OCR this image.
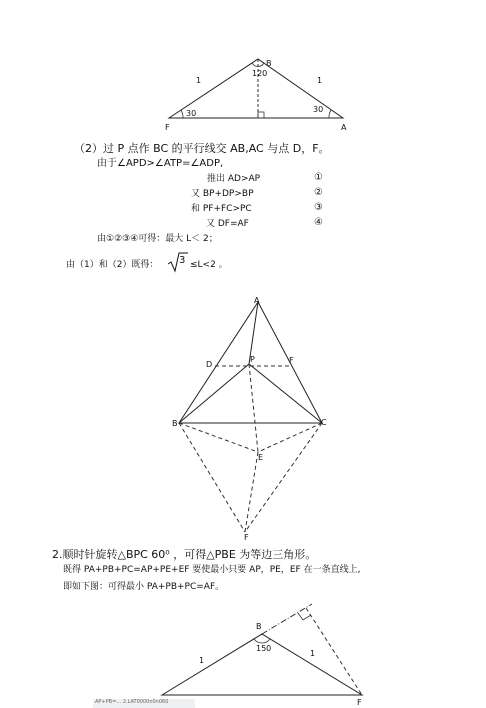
B
120
1	1
30	30
F	A
（2）过 P 点作 BC 的平行线交 AB,AC 与点 D，F。
由于∠APD>∠ATP=∠ADP,
推出 AD>AP	①
又 BP+DP>BP	②
和 PF+FC>PC	③
又 DF=AF	④
由①②③④可得：最大 L＜ 2；
由（1）和（2）既得： 3 ≤L<2 。
A
D
P	F
B	C
E
F
2.顺时针旋转△BPC 60⁰ ，可得△PBE 为等边三角形。
既得 PA+PB+PC=AP+PE+EF 要使最小只要 AP，PE，EF 在一条直线上,
即如下图：可得最小 PA+PB+PC=AF。
B
150
1
1
F
AP+PB=… 2.LAT0000n0n060
